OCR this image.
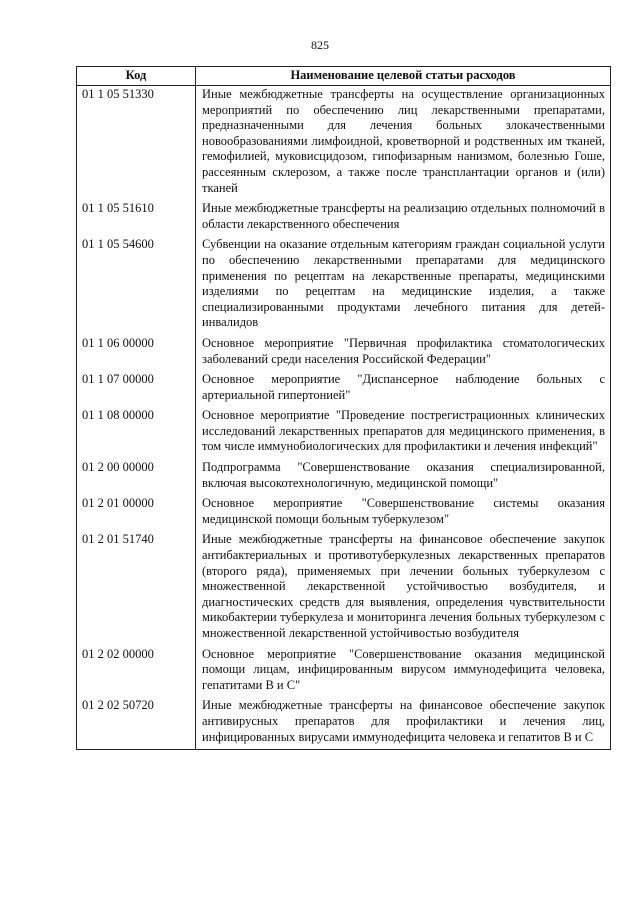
825
Код	Наименование целевой статьи расходов
01 1 05 51330	Иные межбюджетные трансферты на осуществление организационных мероприятий по обеспечению лиц лекарственными препаратами, предназначенными для лечения больных злокачественными новообразованиями лимфоидной, кроветворной и родственных им тканей, гемофилией, муковисцидозом, гипофизарным нанизмом, болезнью Гоше, рассеянным склерозом, а также после трансплантации органов и (или) тканей
01 1 05 51610	Иные межбюджетные трансферты на реализацию отдельных полномочий в области лекарственного обеспечения
01 1 05 54600	Субвенции на оказание отдельным категориям граждан социальной услуги по обеспечению лекарственными препаратами для медицинского применения по рецептам на лекарственные препараты, медицинскими изделиями по рецептам на медицинские изделия, а также специализированными продуктами лечебного питания для детей-инвалидов
01 1 06 00000	Основное мероприятие "Первичная профилактика стоматологических заболеваний среди населения Российской Федерации"
01 1 07 00000	Основное мероприятие "Диспансерное наблюдение больных с артериальной гипертонией"
01 1 08 00000	Основное мероприятие "Проведение пострегистрационных клинических исследований лекарственных препаратов для медицинского применения, в том числе иммунобиологических для профилактики и лечения инфекций"
01 2 00 00000	Подпрограмма "Совершенствование оказания специализированной, включая высокотехнологичную, медицинской помощи"
01 2 01 00000	Основное мероприятие "Совершенствование системы оказания медицинской помощи больным туберкулезом"
01 2 01 51740	Иные межбюджетные трансферты на финансовое обеспечение закупок антибактериальных и противотуберкулезных лекарственных препаратов (второго ряда), применяемых при лечении больных туберкулезом с множественной лекарственной устойчивостью возбудителя, и диагностических средств для выявления, определения чувствительности микобактерии туберкулеза и мониторинга лечения больных туберкулезом с множественной лекарственной устойчивостью возбудителя
01 2 02 00000	Основное мероприятие "Совершенствование оказания медицинской помощи лицам, инфицированным вирусом иммунодефицита человека, гепатитами В и С"
01 2 02 50720	Иные межбюджетные трансферты на финансовое обеспечение закупок антивирусных препаратов для профилактики и лечения лиц, инфицированных вирусами иммунодефицита человека и гепатитов В и С
